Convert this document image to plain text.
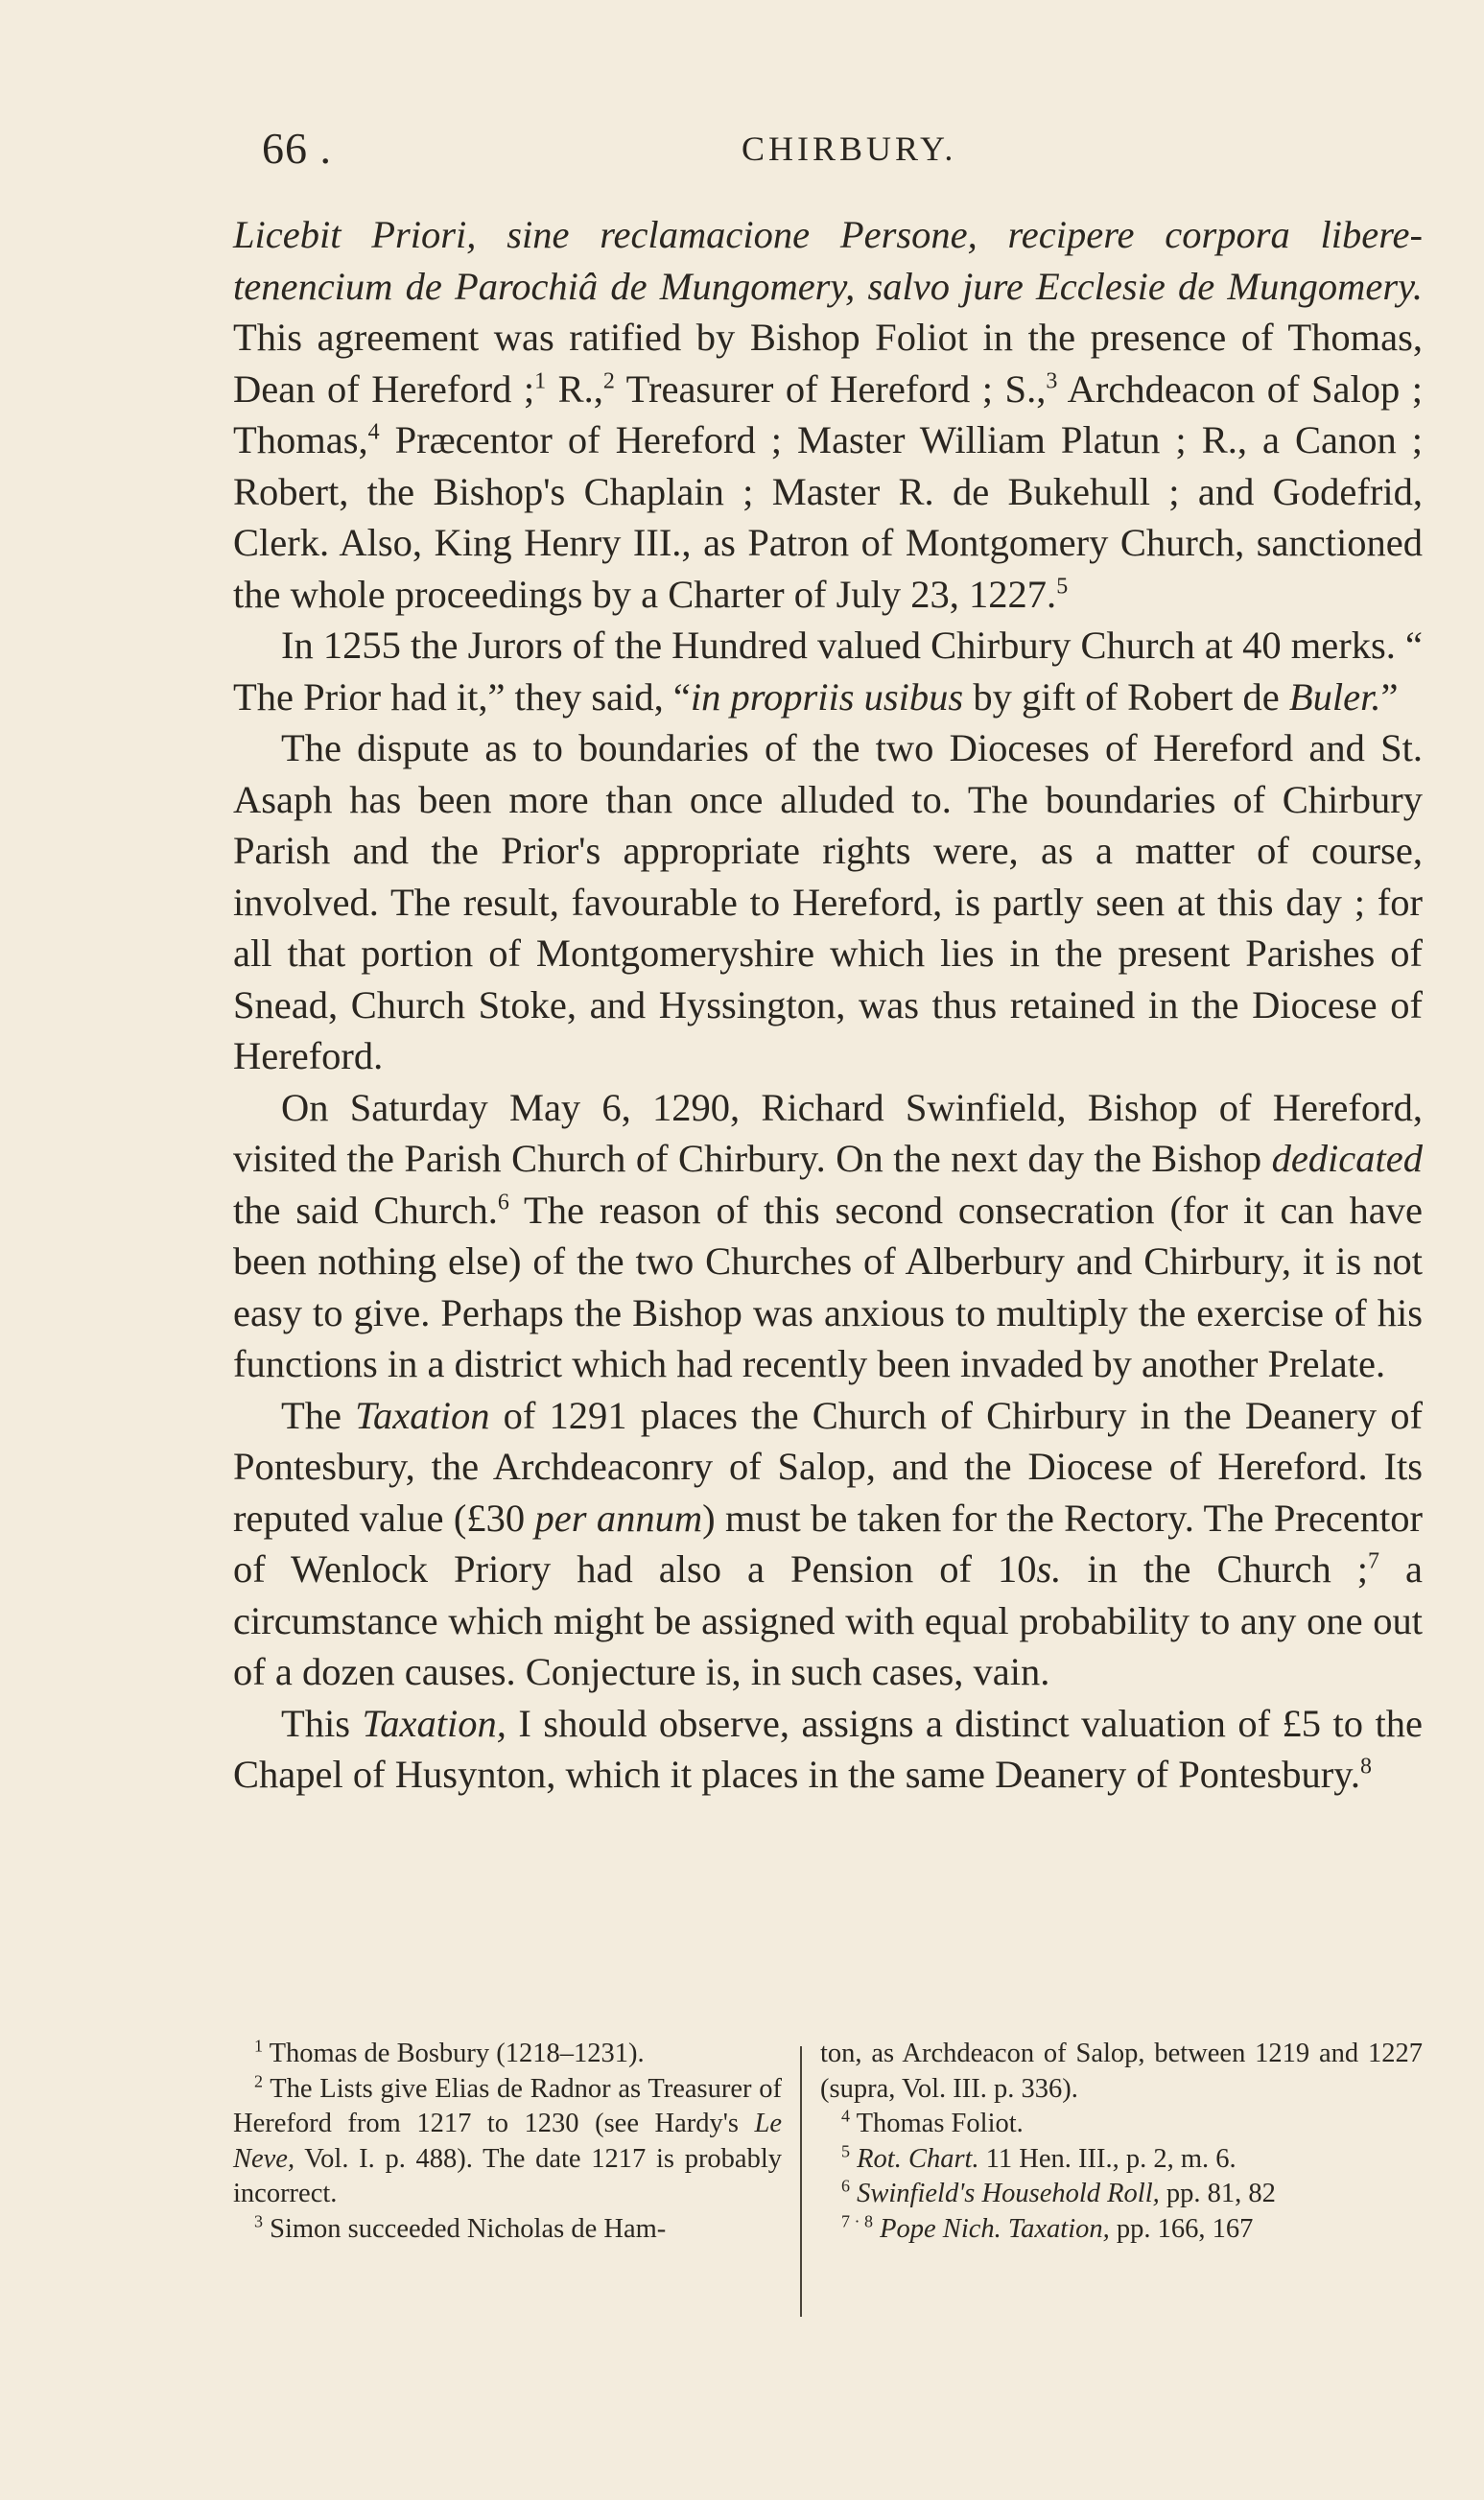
66 .	CHIRBURY.

Licebit Priori, sine reclamacione Persone, recipere corpora libere-tenencium de Parochiâ de Mungomery, salvo jure Ecclesie de Mungomery. This agreement was ratified by Bishop Foliot in the presence of Thomas, Dean of Hereford ;$^1$ R.,$^2$ Treasurer of Hereford ; S.,$^3$ Archdeacon of Salop ; Thomas,$^4$ Præcentor of Hereford ; Master William Platun ; R., a Canon ; Robert, the Bishop's Chaplain ; Master R. de Bukehull ; and Godefrid, Clerk. Also, King Henry III., as Patron of Montgomery Church, sanctioned the whole proceedings by a Charter of July 23, 1227.$^5$

In 1255 the Jurors of the Hundred valued Chirbury Church at 40 merks. “ The Prior had it,” they said, “in propriis usibus by gift of Robert de Buler.”

The dispute as to boundaries of the two Dioceses of Hereford and St. Asaph has been more than once alluded to. The boundaries of Chirbury Parish and the Prior's appropriate rights were, as a matter of course, involved. The result, favourable to Hereford, is partly seen at this day ; for all that portion of Montgomeryshire which lies in the present Parishes of Snead, Church Stoke, and Hyssington, was thus retained in the Diocese of Hereford.

On Saturday May 6, 1290, Richard Swinfield, Bishop of Hereford, visited the Parish Church of Chirbury. On the next day the Bishop dedicated the said Church.$^6$ The reason of this second consecration (for it can have been nothing else) of the two Churches of Alberbury and Chirbury, it is not easy to give. Perhaps the Bishop was anxious to multiply the exercise of his functions in a district which had recently been invaded by another Prelate.

The Taxation of 1291 places the Church of Chirbury in the Deanery of Pontesbury, the Archdeaconry of Salop, and the Diocese of Hereford. Its reputed value (£30 per annum) must be taken for the Rectory. The Precentor of Wenlock Priory had also a Pension of 10s. in the Church ;$^7$ a circumstance which might be assigned with equal probability to any one out of a dozen causes. Conjecture is, in such cases, vain.

This Taxation, I should observe, assigns a distinct valuation of £5 to the Chapel of Husynton, which it places in the same Deanery of Pontesbury.$^8$

$^1$ Thomas de Bosbury (1218–1231).

$^2$ The Lists give Elias de Radnor as Treasurer of Hereford from 1217 to 1230 (see Hardy's Le Neve, Vol. I. p. 488). The date 1217 is probably incorrect.

$^3$ Simon succeeded Nicholas de Ham-

ton, as Archdeacon of Salop, between 1219 and 1227 (supra, Vol. III. p. 336).

$^4$ Thomas Foliot.

$^5$ Rot. Chart. 11 Hen. III., p. 2, m. 6.

$^6$ Swinfield's Household Roll, pp. 81, 82

$^{7 \cdot 8}$ Pope Nich. Taxation, pp. 166, 167
